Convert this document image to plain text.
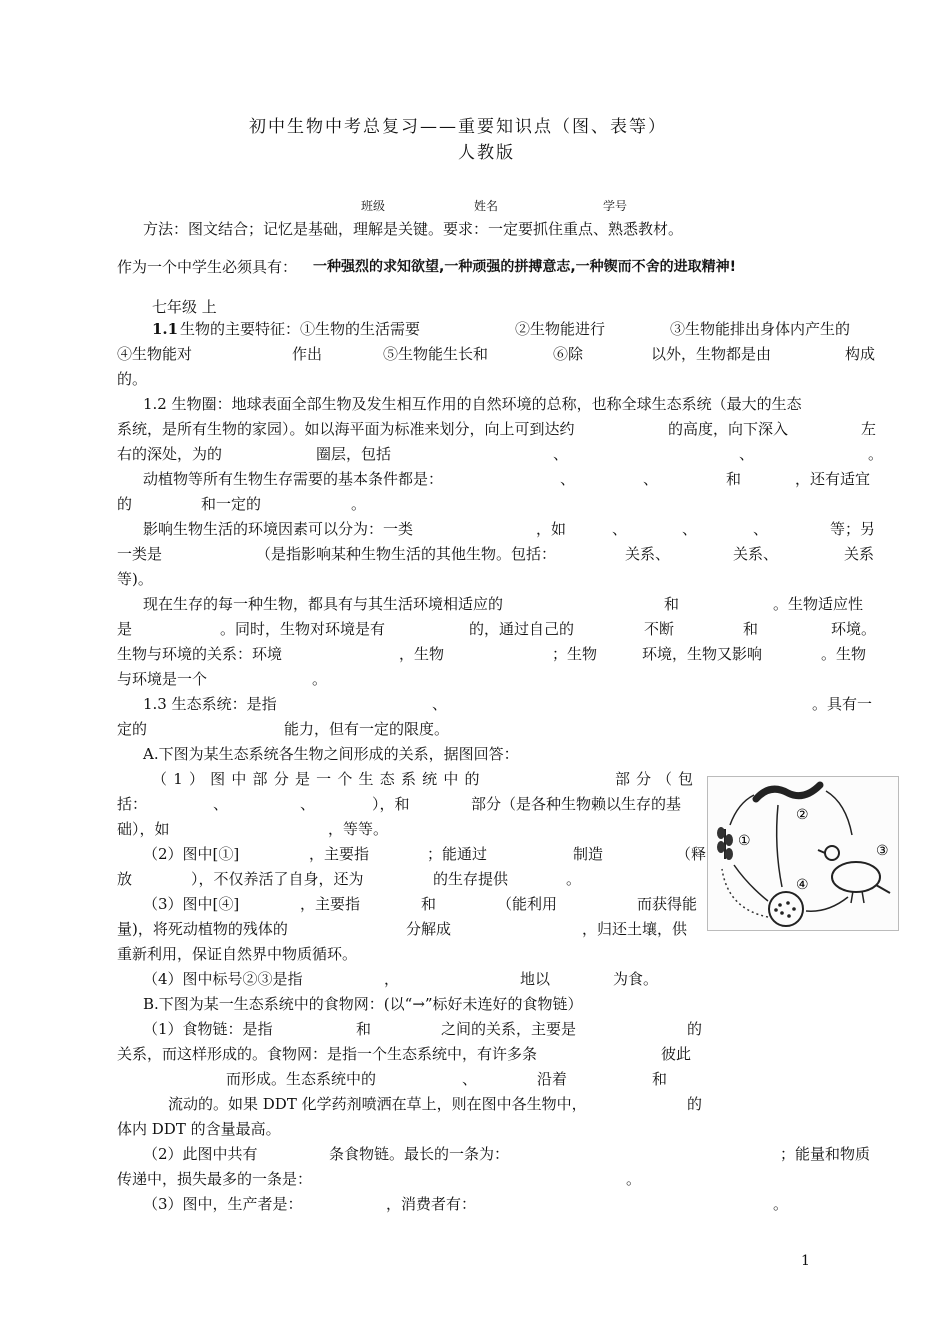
初中生物中考总复习——重要知识点（图、表等）
人教版
班级	姓名	学号
方法：图文结合；记忆是基础，理解是关键。要求：一定要抓住重点、熟悉教材。
作为一个中学生必须具有： 一种强烈的求知欲望,一种顽强的拼搏意志,一种锲而不舍的进取精神!
七年级 上
1.1 生物的主要特征：①生物的生活需要	②生物能进行	③生物能排出身体内产生的
④生物能对	作出	⑤生物能生长和	⑥除	以外，生物都是由	构成
的。
1.2 生物圈：地球表面全部生物及发生相互作用的自然环境的总称，也称全球生态系统（最大的生态
系统，是所有生物的家园）。如以海平面为标准来划分，向上可到达约	的高度，向下深入	左
右的深处，为的	圈层，包括	、	、	。
动植物等所有生物生存需要的基本条件都是：	、	、	和	，还有适宜
的	和一定的	。
影响生物生活的环境因素可以分为：一类	，如	、	、	、	等；另
一类是	（是指影响某种生物生活的其他生物。包括：	关系、	关系、	关系
等)。
现在生存的每一种生物，都具有与其生活环境相适应的	和	。生物适应性
是	。同时，生物对环境是有	的，通过自己的	不断	和	环境。
生物与环境的关系：环境	，生物	；生物	环境，生物又影响	。生物
与环境是一个	。
1.3 生态系统：是指	、	。具有一
定的	能力，但有一定的限度。
A.下图为某生态系统各生物之间形成的关系，据图回答：
（1）图中部分是一个生态系统中的	部分（包
括：	、	、	），和	部分（是各种生物赖以生存的基
础），如	，等等。
（2）图中[①]	，主要指	；能通过	制造	（释
放	），不仅养活了自身，还为	的生存提供	。
（3）图中[④]	，主要指	和	（能利用	而获得能
量)，将死动植物的残体的	分解成	，归还土壤，供
重新利用，保证自然界中物质循环。
（4）图中标号②③是指	，	地以	为食。
B.下图为某一生态系统中的食物网：(以“→”标好未连好的食物链）
（1）食物链：是指	和	之间的关系，主要是	的
关系，而这样形成的。食物网：是指一个生态系统中，有许多条	彼此
而形成。生态系统中的	、	沿着	和
流动的。如果 DDT 化学药剂喷洒在草上，则在图中各生物中，	的
体内 DDT 的含量最高。
（2）此图中共有	条食物链。最长的一条为：	；能量和物质
传递中，损失最多的一条是：	。
（3）图中，生产者是：	，消费者有：	。
①
②
③
④
1
